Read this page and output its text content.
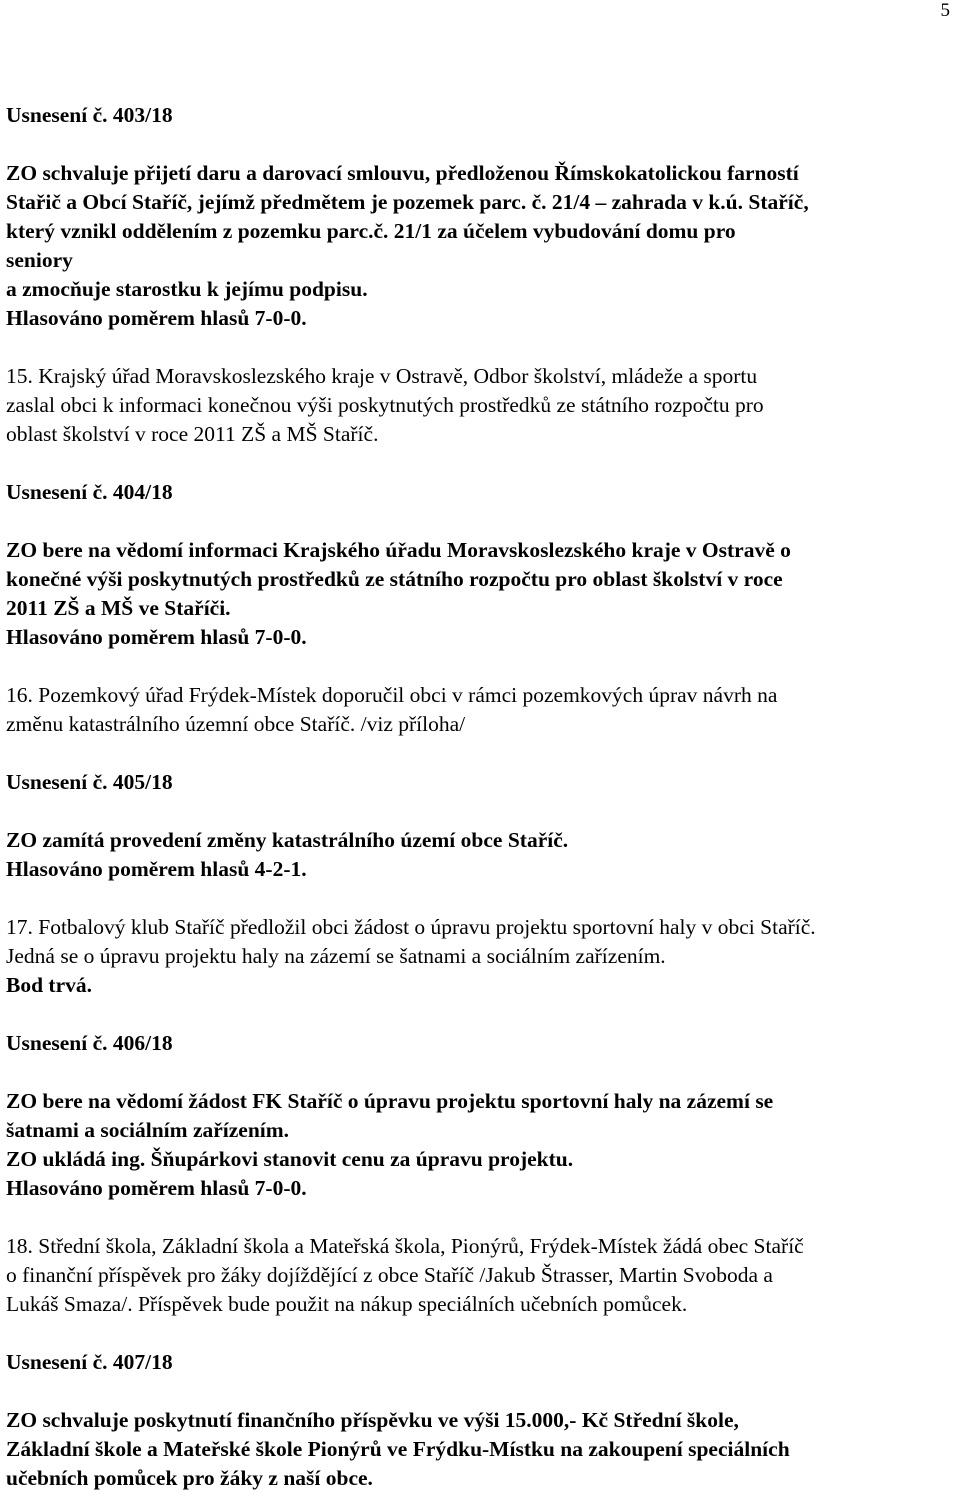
5
Usnesení č. 403/18
ZO schvaluje přijetí daru a darovací smlouvu, předloženou Římskokatolickou farností
Stařič a Obcí Staříč, jejímž předmětem je pozemek parc. č. 21/4 – zahrada v k.ú. Staříč,
který vznikl oddělením z pozemku parc.č. 21/1 za účelem vybudování domu pro
seniory
a zmocňuje starostku k jejímu podpisu.
Hlasováno poměrem hlasů 7-0-0.
15. Krajský úřad Moravskoslezského kraje v Ostravě, Odbor školství, mládeže a sportu
zaslal obci k informaci konečnou výši poskytnutých prostředků ze státního rozpočtu pro
oblast školství v roce 2011 ZŠ a MŠ Staříč.
Usnesení č. 404/18
ZO bere na vědomí informaci Krajského úřadu Moravskoslezského kraje v Ostravě o
konečné výši poskytnutých prostředků ze státního rozpočtu pro oblast školství v roce
2011 ZŠ a MŠ ve Staříči.
Hlasováno poměrem hlasů 7-0-0.
16. Pozemkový úřad Frýdek-Místek doporučil obci v rámci pozemkových úprav návrh na
změnu katastrálního územní obce Staříč. /viz příloha/
Usnesení č. 405/18
ZO zamítá provedení změny katastrálního území obce Staříč.
Hlasováno poměrem hlasů 4-2-1.
17. Fotbalový klub Staříč předložil obci žádost o úpravu projektu sportovní haly v obci Staříč.
Jedná se o úpravu projektu haly na zázemí se šatnami a sociálním zařízením.
Bod trvá.
Usnesení č. 406/18
ZO bere na vědomí žádost FK Staříč o úpravu projektu sportovní haly na zázemí se
šatnami a sociálním zařízením.
ZO ukládá ing. Šňupárkovi stanovit cenu za úpravu projektu.
Hlasováno poměrem hlasů 7-0-0.
18. Střední škola, Základní škola a Mateřská škola, Pionýrů, Frýdek-Místek žádá obec Staříč
o finanční příspěvek pro žáky dojíždějící z obce Staříč /Jakub Štrasser, Martin Svoboda a
Lukáš Smaza/. Příspěvek bude použit na nákup speciálních učebních pomůcek.
Usnesení č. 407/18
ZO schvaluje poskytnutí finančního příspěvku ve výši 15.000,- Kč Střední škole,
Základní škole a Mateřské škole Pionýrů ve Frýdku-Místku na zakoupení speciálních
učebních pomůcek pro žáky z naší obce.
